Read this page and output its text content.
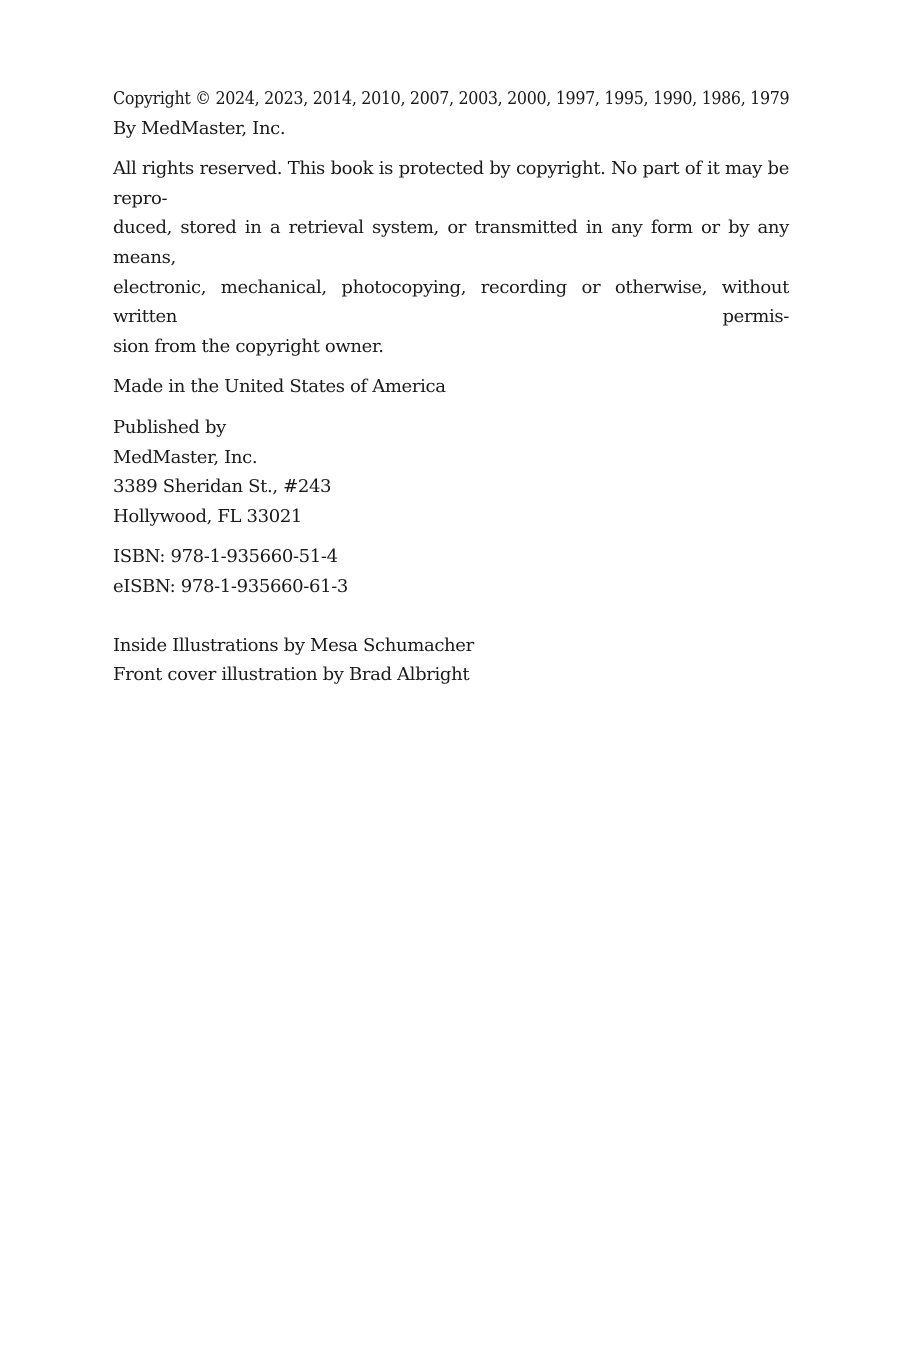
Copyright © 2024, 2023, 2014, 2010, 2007, 2003, 2000, 1997, 1995, 1990, 1986, 1979
By MedMaster, Inc.
All rights reserved. This book is protected by copyright. No part of it may be repro-
duced, stored in a retrieval system, or transmitted in any form or by any means,
electronic, mechanical, photocopying, recording or otherwise, without written permis-
sion from the copyright owner.
Made in the United States of America
Published by
MedMaster, Inc.
3389 Sheridan St., #243
Hollywood, FL 33021
ISBN: 978-1-935660-51-4
eISBN: 978-1-935660-61-3
Inside Illustrations by Mesa Schumacher
Front cover illustration by Brad Albright
